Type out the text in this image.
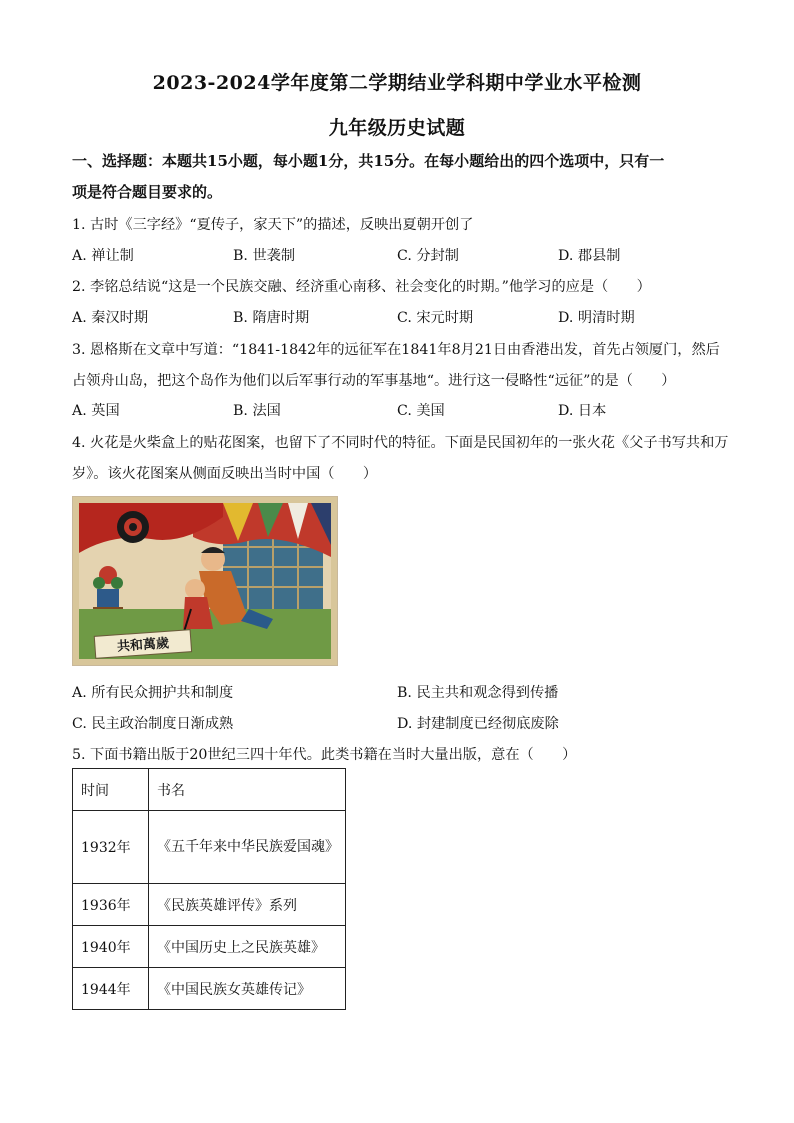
2023-2024学年度第二学期结业学科期中学业水平检测
九年级历史试题
一、选择题：本题共15小题，每小题1分，共15分。在每小题给出的四个选项中，只有一
项是符合题目要求的。
1. 古时《三字经》“夏传子，家天下”的描述，反映出夏朝开创了
A. 禅让制	B. 世袭制	C. 分封制	D. 郡县制
2. 李铭总结说“这是一个民族交融、经济重心南移、社会变化的时期。”他学习的应是（　　）
A. 秦汉时期	B. 隋唐时期	C. 宋元时期	D. 明清时期
3. 恩格斯在文章中写道：“1841-1842年的远征军在1841年8月21日由香港出发，首先占领厦门，然后
占领舟山岛，把这个岛作为他们以后军事行动的军事基地“。进行这一侵略性“远征”的是（　　）
A. 英国	B. 法国	C. 美国	D. 日本
4. 火花是火柴盒上的贴花图案，也留下了不同时代的特征。下面是民国初年的一张火花《父子书写共和万
岁》。该火花图案从侧面反映出当时中国（　　）
共和萬歲
A. 所有民众拥护共和制度	B. 民主共和观念得到传播
C. 民主政治制度日渐成熟	D. 封建制度已经彻底废除
5. 下面书籍出版于20世纪三四十年代。此类书籍在当时大量出版，意在（　　）
时间	书名
1932年	《五千年来中华民族爱国魂》
1936年	《民族英雄评传》系列
1940年	《中国历史上之民族英雄》
1944年	《中国民族女英雄传记》
